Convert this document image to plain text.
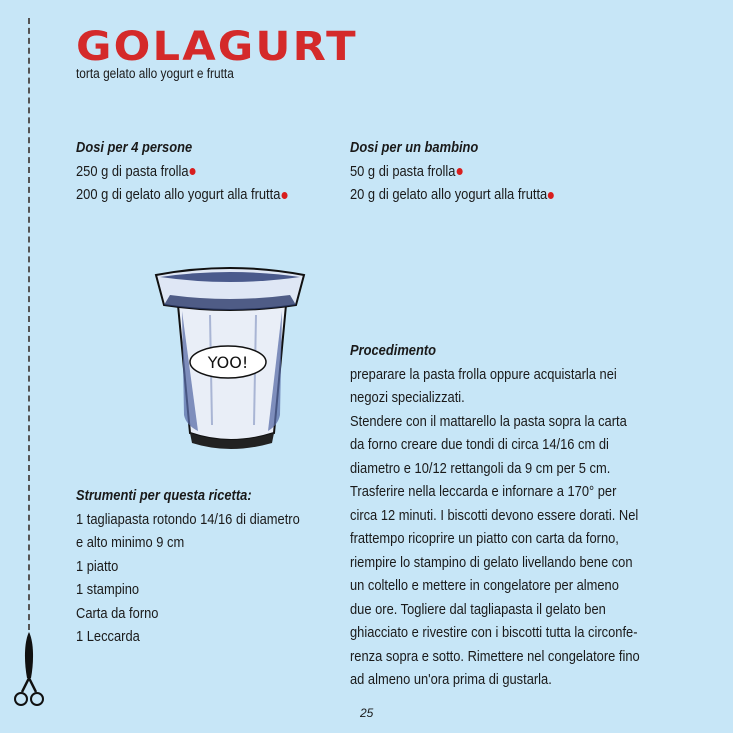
GOLAGURT
torta gelato allo yogurt e frutta
Dosi per 4 persone
250 g di pasta frolla
200 g di gelato allo yogurt alla frutta
Dosi per un bambino
50 g di pasta frolla
20 g di gelato allo yogurt alla frutta
YOO!
Strumenti per questa ricetta:
1 tagliapasta rotondo 14/16 di diametro
e alto minimo 9 cm
1 piatto
1 stampino
Carta da forno
1 Leccarda
Procedimento
preparare la pasta frolla oppure acquistarla nei
negozi specializzati.
Stendere con il mattarello la pasta sopra la carta
da forno creare due tondi di circa 14/16 cm di
diametro e 10/12 rettangoli da 9 cm per 5 cm.
Trasferire nella leccarda e infornare a 170° per
circa 12 minuti. I biscotti devono essere dorati. Nel
frattempo ricoprire un piatto con carta da forno,
riempire lo stampino di gelato livellando bene con
un coltello e mettere in congelatore per almeno
due ore. Togliere dal tagliapasta il gelato ben
ghiacciato e rivestire con i biscotti tutta la circonfe-
renza sopra e sotto. Rimettere nel congelatore fino
ad almeno un'ora prima di gustarla.
25
